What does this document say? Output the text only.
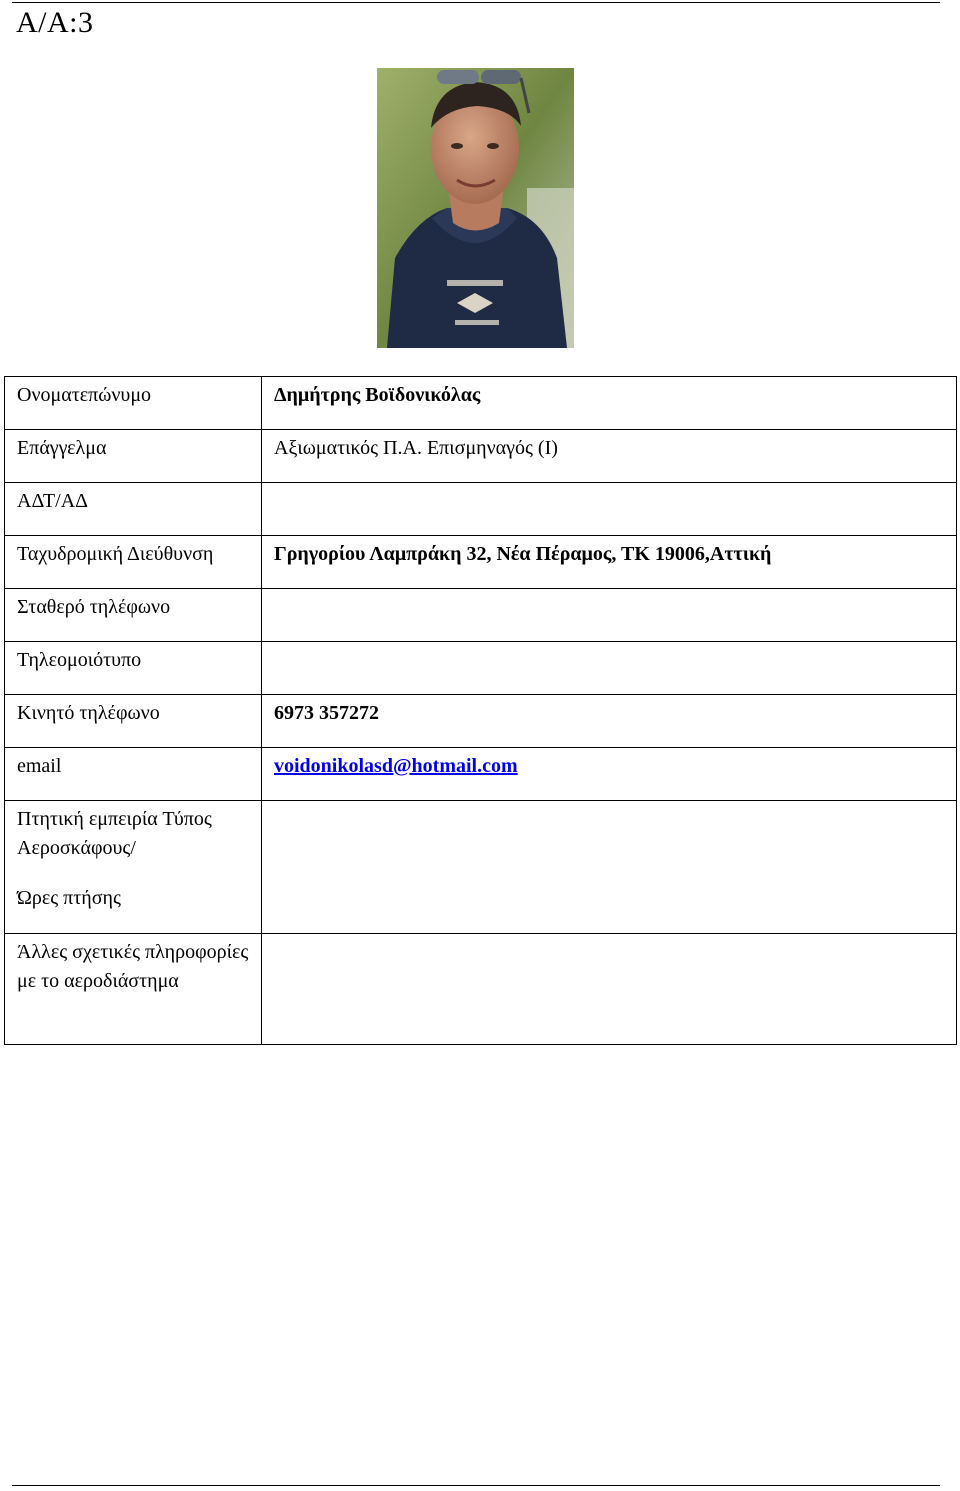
A/A:3
Ονοματεπώνυμο	Δημήτρης Βοϊδονικόλας
Επάγγελμα	Αξιωματικός Π.Α. Επισμηναγός (Ι)
ΑΔΤ/ΑΔ	
Ταχυδρομική Διεύθυνση	Γρηγορίου Λαμπράκη 32, Νέα Πέραμος, ΤΚ 19006,Αττική
Σταθερό τηλέφωνο	
Τηλεομοιότυπο	
Κινητό τηλέφωνο	6973 357272
email	voidonikolasd@hotmail.com

Πτητική εμπειρία Τύπος Αεροσκάφους/
Ώρες πτήσης	

Άλλες σχετικές πληροφορίες με το αεροδιάστημα	
